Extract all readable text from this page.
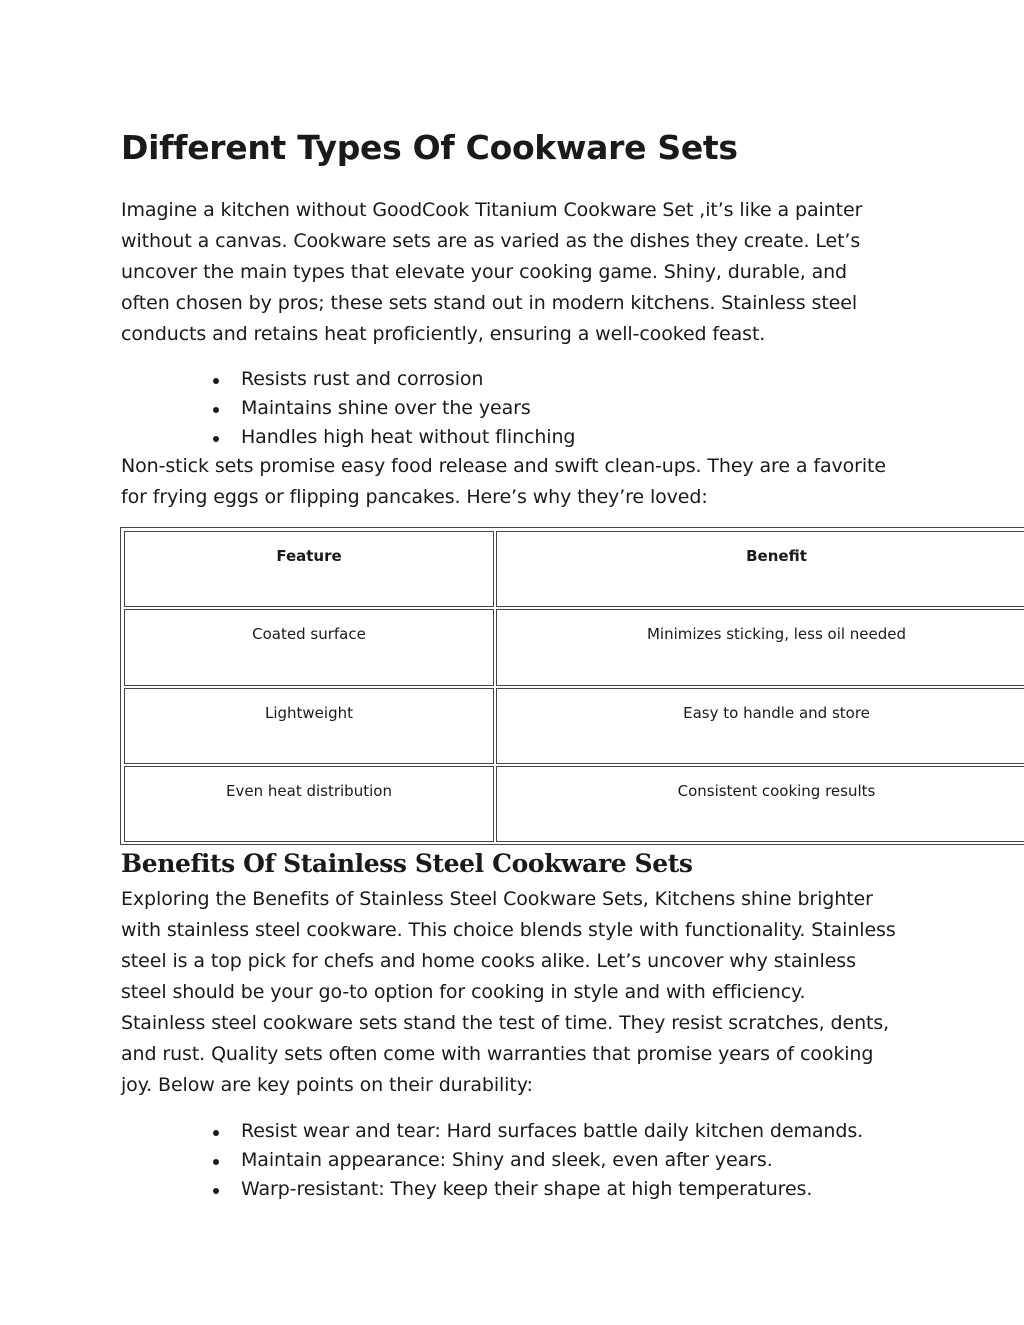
Different Types Of Cookware Sets

Imagine a kitchen without GoodCook Titanium Cookware Set ,it’s like a painter
without a canvas. Cookware sets are as varied as the dishes they create. Let’s
uncover the main types that elevate your cooking game. Shiny, durable, and
often chosen by pros; these sets stand out in modern kitchens. Stainless steel
conducts and retains heat proficiently, ensuring a well-cooked feast.

Resists rust and corrosion
Maintains shine over the years
Handles high heat without flinching

Non-stick sets promise easy food release and swift clean-ups. They are a favorite
for frying eggs or flipping pancakes. Here’s why they’re loved:

Feature	Benefit
Coated surface	Minimizes sticking, less oil needed
Lightweight	Easy to handle and store
Even heat distribution	Consistent cooking results
Benefits Of Stainless Steel Cookware Sets

Exploring the Benefits of Stainless Steel Cookware Sets, Kitchens shine brighter
with stainless steel cookware. This choice blends style with functionality. Stainless
steel is a top pick for chefs and home cooks alike. Let’s uncover why stainless
steel should be your go-to option for cooking in style and with efficiency.
Stainless steel cookware sets stand the test of time. They resist scratches, dents,
and rust. Quality sets often come with warranties that promise years of cooking
joy. Below are key points on their durability:

Resist wear and tear: Hard surfaces battle daily kitchen demands.
Maintain appearance: Shiny and sleek, even after years.
Warp-resistant: They keep their shape at high temperatures.
